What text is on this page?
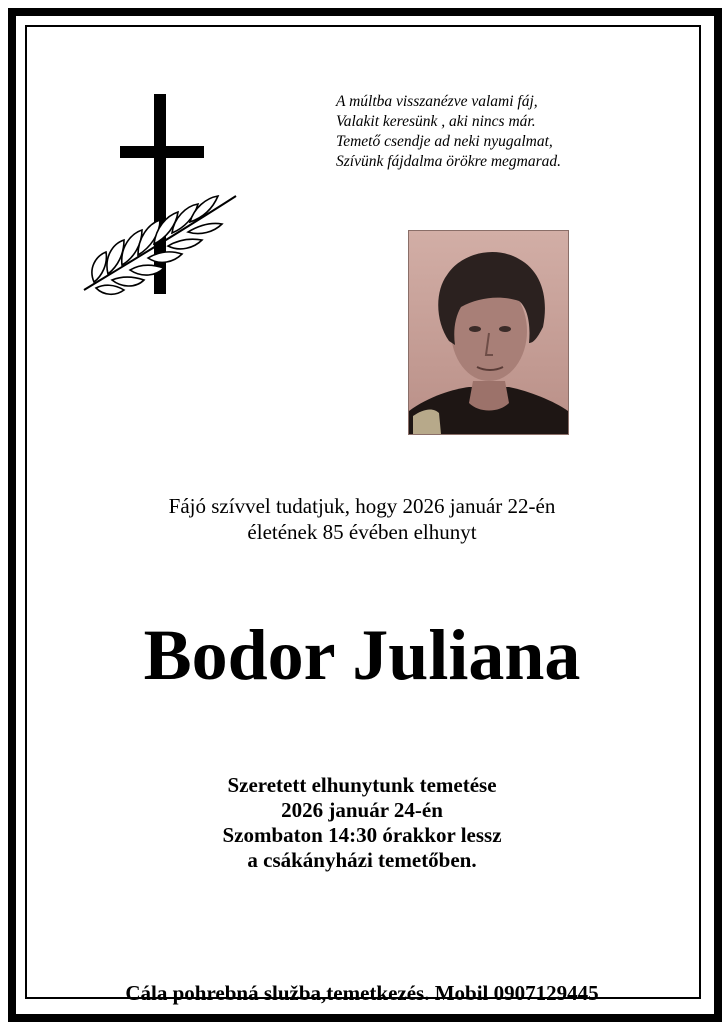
A múltba visszanézve valami fáj,
Valakit keresünk , aki nincs már.
Temető csendje ad neki nyugalmat,
Szívünk fájdalma örökre megmarad.
Fájó szívvel tudatjuk, hogy 2026 január 22-én
életének 85 évében elhunyt
Bodor Juliana
Szeretett elhunytunk temetése
2026 január 24-én
Szombaton 14:30 órakkor lessz
a csákányházi temetőben.
Cála pohrebná služba,temetkezés. Mobil 0907129445
